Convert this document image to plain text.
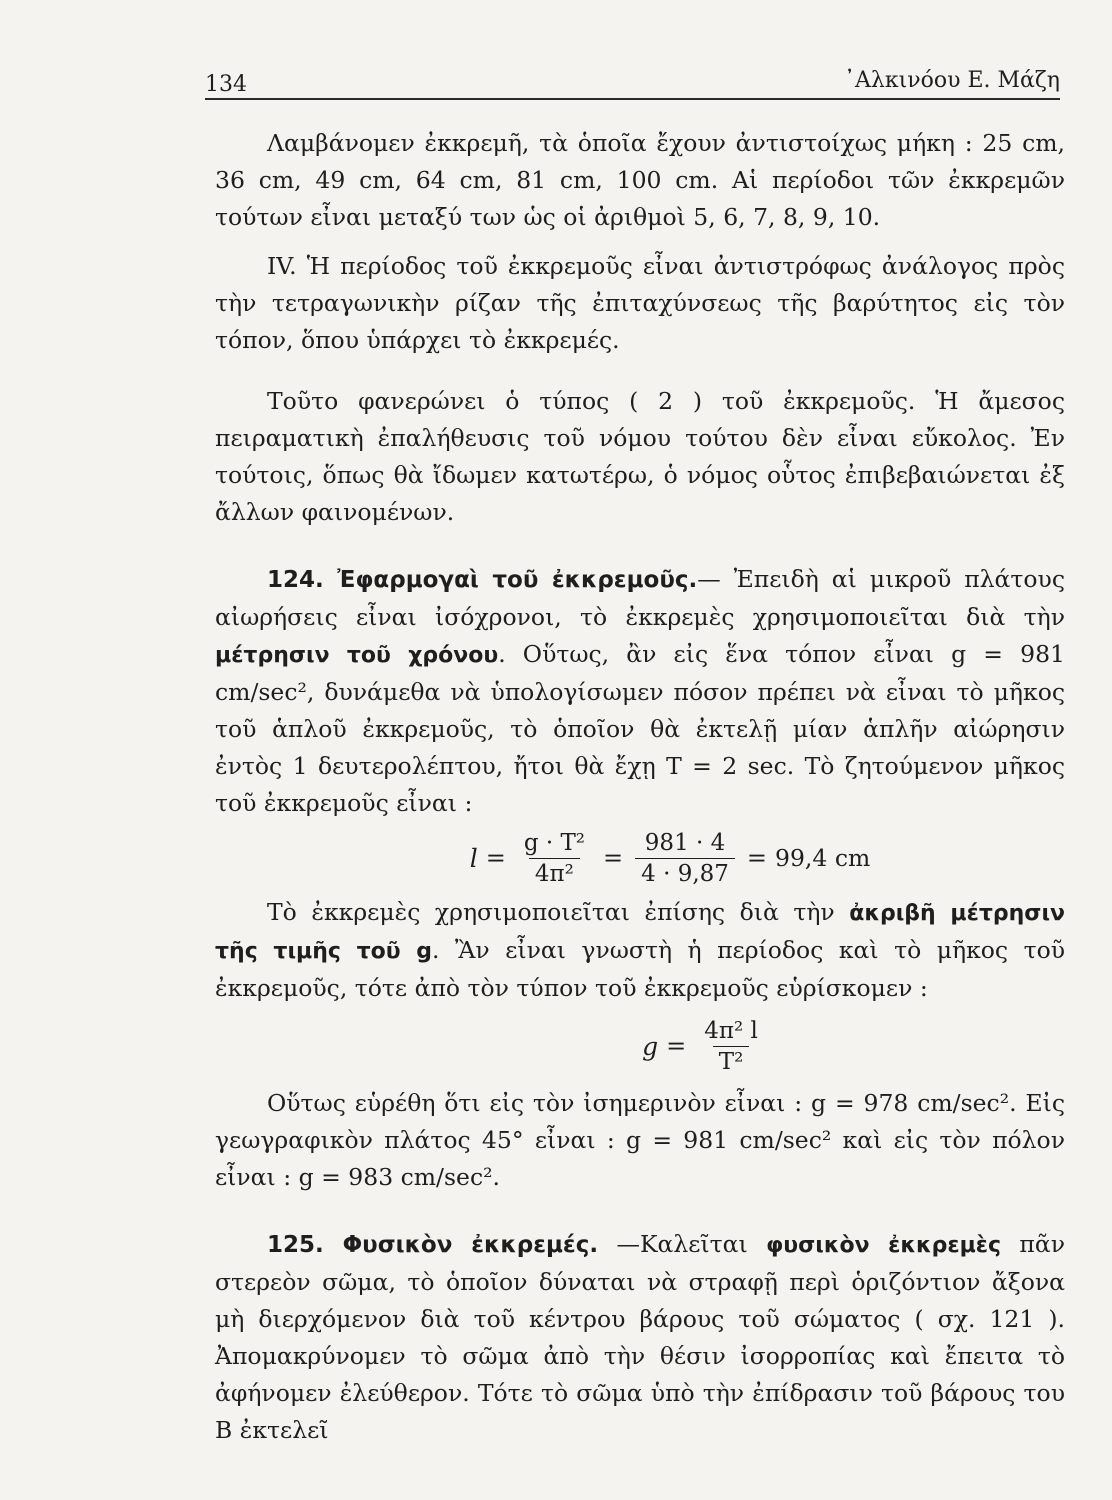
134	᾿Αλκινόου Ε. Μάζη

Λαμβάνομεν ἐκκρεμῆ, τὰ ὁποῖα ἔχουν ἀντιστοίχως μήκη : 25 cm, 36 cm, 49 cm, 64 cm, 81 cm, 100 cm. Αἱ περίοδοι τῶν ἐκκρεμῶν τούτων εἶναι μεταξύ των ὡς οἱ ἀριθμοὶ 5, 6, 7, 8, 9, 10.

IV. Ἡ περίοδος τοῦ ἐκκρεμοῦς εἶναι ἀντιστρόφως ἀνάλογος πρὸς τὴν τετραγωνικὴν ρίζαν τῆς ἐπιταχύνσεως τῆς βαρύτητος εἰς τὸν τόπον, ὅπου ὑπάρχει τὸ ἐκκρεμές.

Τοῦτο φανερώνει ὁ τύπος ( 2 ) τοῦ ἐκκρεμοῦς. Ἡ ἄμεσος πειραματικὴ ἐπαλήθευσις τοῦ νόμου τούτου δὲν εἶναι εὔκολος. Ἐν τούτοις, ὅπως θὰ ἴδωμεν κατωτέρω, ὁ νόμος οὗτος ἐπιβεβαιώνεται ἐξ ἄλλων φαινομένων.

124. Ἐφαρμογαὶ τοῦ ἐκκρεμοῦς.— Ἐπειδὴ αἱ μικροῦ πλάτους αἰωρήσεις εἶναι ἰσόχρονοι, τὸ ἐκκρεμὲς χρησιμοποιεῖται διὰ τὴν μέτρησιν τοῦ χρόνου. Οὕτως, ἂν εἰς ἕνα τόπον εἶναι g = 981 cm/sec², δυνάμεθα νὰ ὑπολογίσωμεν πόσον πρέπει νὰ εἶναι τὸ μῆκος τοῦ ἁπλοῦ ἐκκρεμοῦς, τὸ ὁποῖον θὰ ἐκτελῇ μίαν ἁπλῆν αἰώρησιν ἐντὸς 1 δευτερολέπτου, ἤτοι θὰ ἔχῃ T = 2 sec. Τὸ ζητούμενον μῆκος τοῦ ἐκκρεμοῦς εἶναι :

$l = \frac{\text{g · T²}}{\text{4π²}} = \frac{981 \cdot 4}{4 \cdot 9,87} = 99,4$ cm

Τὸ ἐκκρεμὲς χρησιμοποιεῖται ἐπίσης διὰ τὴν ἀκριβῆ μέτρησιν τῆς τιμῆς τοῦ g. Ἂν εἶναι γνωστὴ ἡ περίοδος καὶ τὸ μῆκος τοῦ ἐκκρεμοῦς, τότε ἀπὸ τὸν τύπον τοῦ ἐκκρεμοῦς εὑρίσκομεν :

$g = \frac{\text{4π² l}}{\text{T²}}$

Οὕτως εὑρέθη ὅτι εἰς τὸν ἰσημερινὸν εἶναι : g = 978 cm/sec². Εἰς γεωγραφικὸν πλάτος 45° εἶναι : g = 981 cm/sec² καὶ εἰς τὸν πόλον εἶναι : g = 983 cm/sec².

125. Φυσικὸν ἐκκρεμές. —Καλεῖται φυσικὸν ἐκκρεμὲς πᾶν στερεὸν σῶμα, τὸ ὁποῖον δύναται νὰ στραφῇ περὶ ὁριζόντιον ἄξονα μὴ διερχόμενον διὰ τοῦ κέντρου βάρους τοῦ σώματος ( σχ. 121 ). Ἀπομακρύνομεν τὸ σῶμα ἀπὸ τὴν θέσιν ἰσορροπίας καὶ ἔπειτα τὸ ἀφήνομεν ἐλεύθερον. Τότε τὸ σῶμα ὑπὸ τὴν ἐπίδρασιν τοῦ βάρους του B ἐκτελεῖ
